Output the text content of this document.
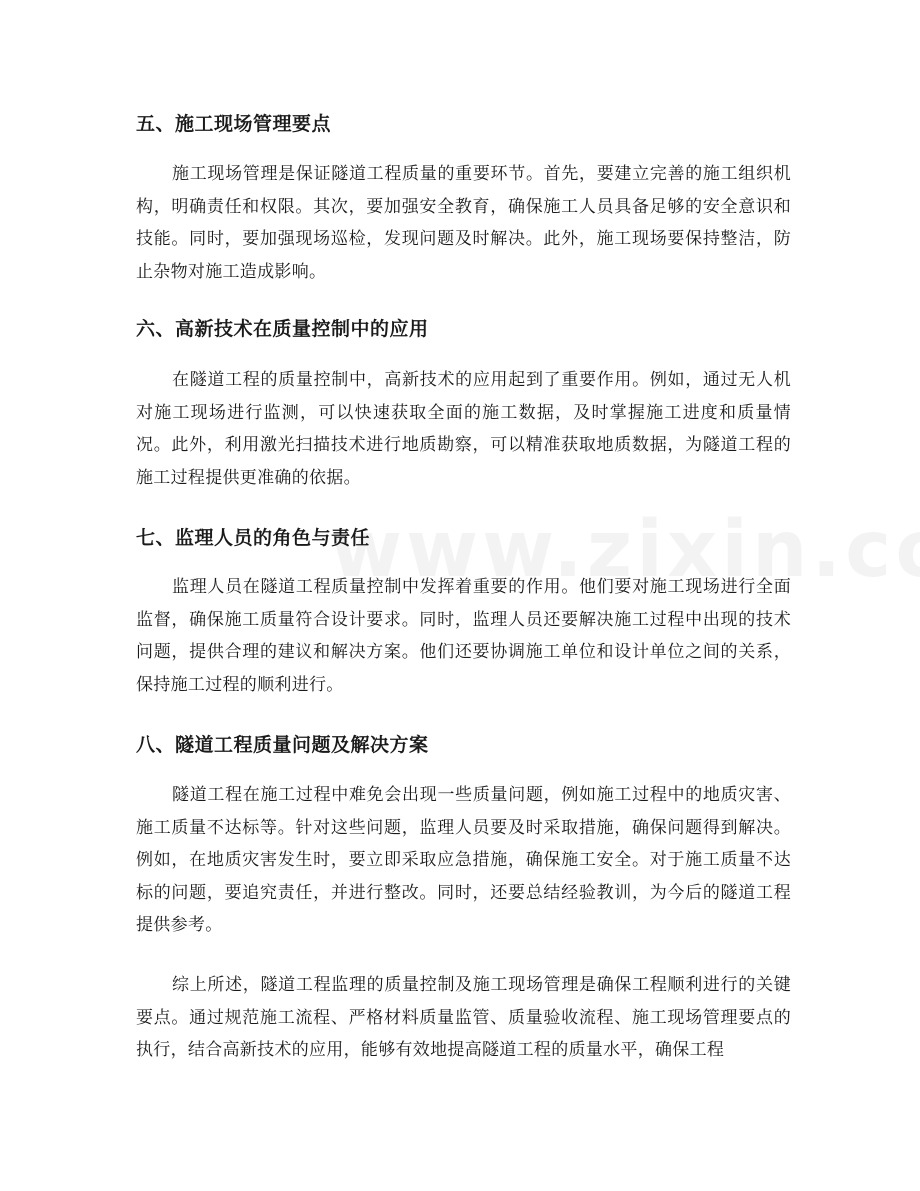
五、施工现场管理要点

施工现场管理是保证隧道工程质量的重要环节。首先，要建立完善的施工组织机构，明确责任和权限。其次，要加强安全教育，确保施工人员具备足够的安全意识和技能。同时，要加强现场巡检，发现问题及时解决。此外，施工现场要保持整洁，防止杂物对施工造成影响。

六、高新技术在质量控制中的应用

在隧道工程的质量控制中，高新技术的应用起到了重要作用。例如，通过无人机对施工现场进行监测，可以快速获取全面的施工数据，及时掌握施工进度和质量情况。此外，利用激光扫描技术进行地质勘察，可以精准获取地质数据，为隧道工程的施工过程提供更准确的依据。

七、监理人员的角色与责任

监理人员在隧道工程质量控制中发挥着重要的作用。他们要对施工现场进行全面监督，确保施工质量符合设计要求。同时，监理人员还要解决施工过程中出现的技术问题，提供合理的建议和解决方案。他们还要协调施工单位和设计单位之间的关系，保持施工过程的顺利进行。

八、隧道工程质量问题及解决方案

隧道工程在施工过程中难免会出现一些质量问题，例如施工过程中的地质灾害、施工质量不达标等。针对这些问题，监理人员要及时采取措施，确保问题得到解决。例如，在地质灾害发生时，要立即采取应急措施，确保施工安全。对于施工质量不达标的问题，要追究责任，并进行整改。同时，还要总结经验教训，为今后的隧道工程提供参考。

综上所述，隧道工程监理的质量控制及施工现场管理是确保工程顺利进行的关键要点。通过规范施工流程、严格材料质量监管、质量验收流程、施工现场管理要点的执行，结合高新技术的应用，能够有效地提高隧道工程的质量水平，确保工程
